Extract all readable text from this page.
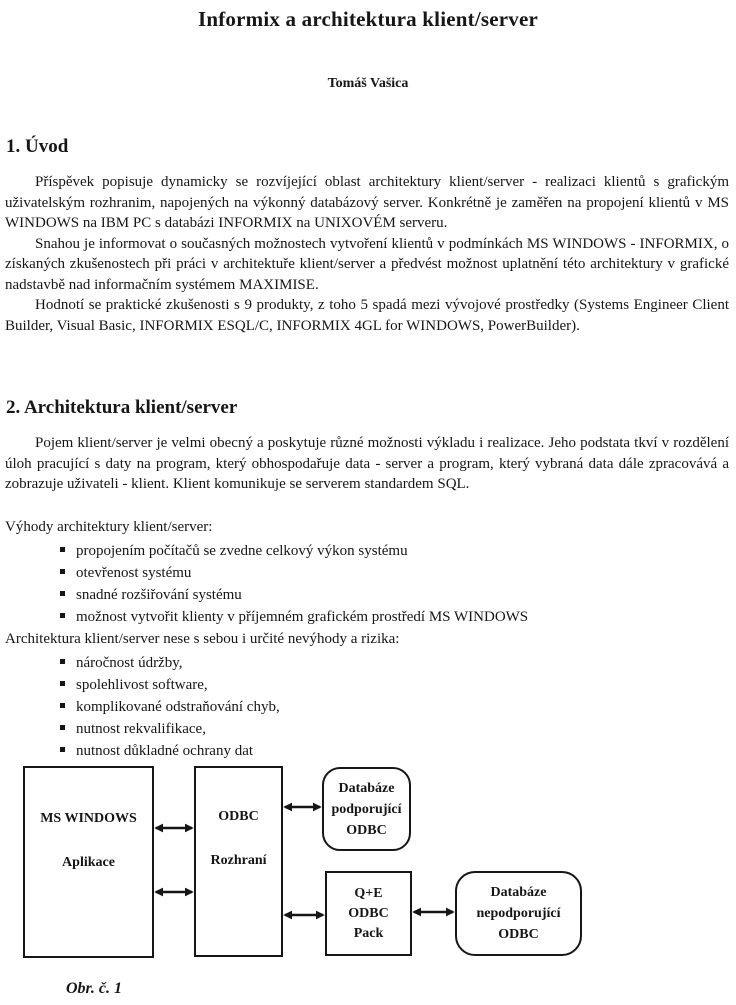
Informix a architektura klient/server
Tomáš Vašica
1. Úvod

Příspěvek popisuje dynamicky se rozvíjející oblast architektury klient/server - realizaci klientů s grafickým uživatelským rozhranim, napojených na výkonný databázový server. Konkrétně je zaměřen na propojení klientů v MS WINDOWS na IBM PC s databázi INFORMIX na UNIXOVÉM serveru.

Snahou je informovat o současných možnostech vytvoření klientů v podmínkách MS WINDOWS - INFORMIX, o získaných zkušenostech při práci v architektuře klient/server a předvést možnost uplatnění této architektury v grafické nadstavbě nad informačním systémem MAXIMISE.

Hodnotí se praktické zkušenosti s 9 produkty, z toho 5 spadá mezi vývojové prostředky (Systems Engineer Client Builder, Visual Basic, INFORMIX ESQL/C, INFORMIX 4GL for WINDOWS, PowerBuilder).

2. Architektura klient/server

Pojem klient/server je velmi obecný a poskytuje různé možnosti výkladu i realizace. Jeho podstata tkví v rozdělení úloh pracující s daty na program, který obhospodařuje data - server a program, který vybraná data dále zpracovává a zobrazuje uživateli - klient. Klient komunikuje se serverem standardem SQL.

Výhody architektury klient/server:
propojením počítačů se zvedne celkový výkon systému
otevřenost systému
snadné rozšiřování systému
možnost vytvořit klienty v příjemném grafickém prostředí MS WINDOWS
Architektura klient/server nese s sebou i určité nevýhody a rizika:
náročnost údržby,
spolehlivost software,
komplikované odstraňování chyb,
nutnost rekvalifikace,
nutnost důkladné ochrany dat
MS WINDOWS
Aplikace
ODBC
Rozhraní
Databáze
podporující
ODBC
Q+E
ODBC
Pack
Databáze
nepodporující
ODBC
Obr. č. 1
